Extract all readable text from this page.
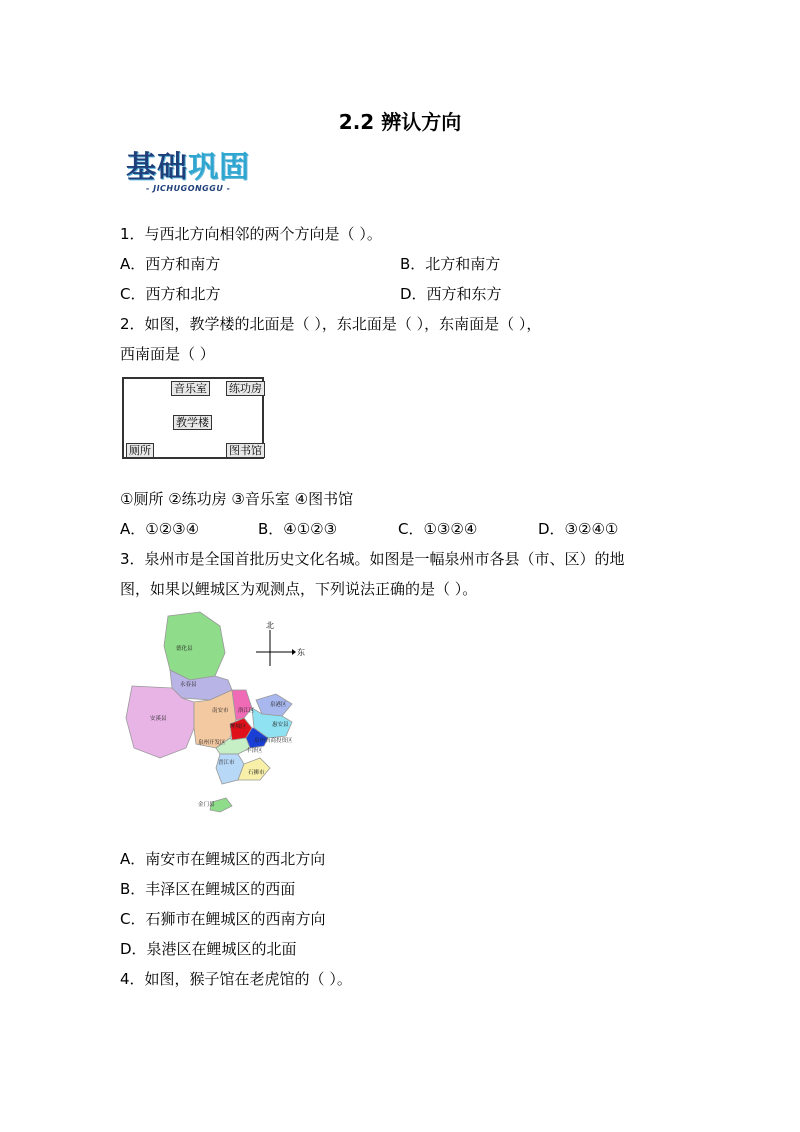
2.2 辨认方向
基础巩固
- JICHUGONGGU -
1．与西北方向相邻的两个方向是（ ）。
A．西方和南方	B．北方和南方
C．西方和北方	D．西方和东方
2．如图，教学楼的北面是（ ），东北面是（ ），东南面是（ ），
西南面是（ ）
音乐室 练功房
教学楼
厕所	图书馆
①厕所 ②练功房 ③音乐室 ④图书馆
A．①②③④	B．④①②③	C．①③②④	D．③②④①
3．泉州市是全国首批历史文化名城。如图是一幅泉州市各县（市、区）的地
图，如果以鲤城区为观测点，下列说法正确的是（ ）。
北
东
德化县
永春县
安溪县
南安市
泉港区
惠安县
洛江区
鲤城区
泉州台商投资区
丰泽区
泉州开发区
晋江市
石狮市
金门县
A．南安市在鲤城区的西北方向
B．丰泽区在鲤城区的西面
C．石狮市在鲤城区的西南方向
D．泉港区在鲤城区的北面
4．如图，猴子馆在老虎馆的（ ）。
